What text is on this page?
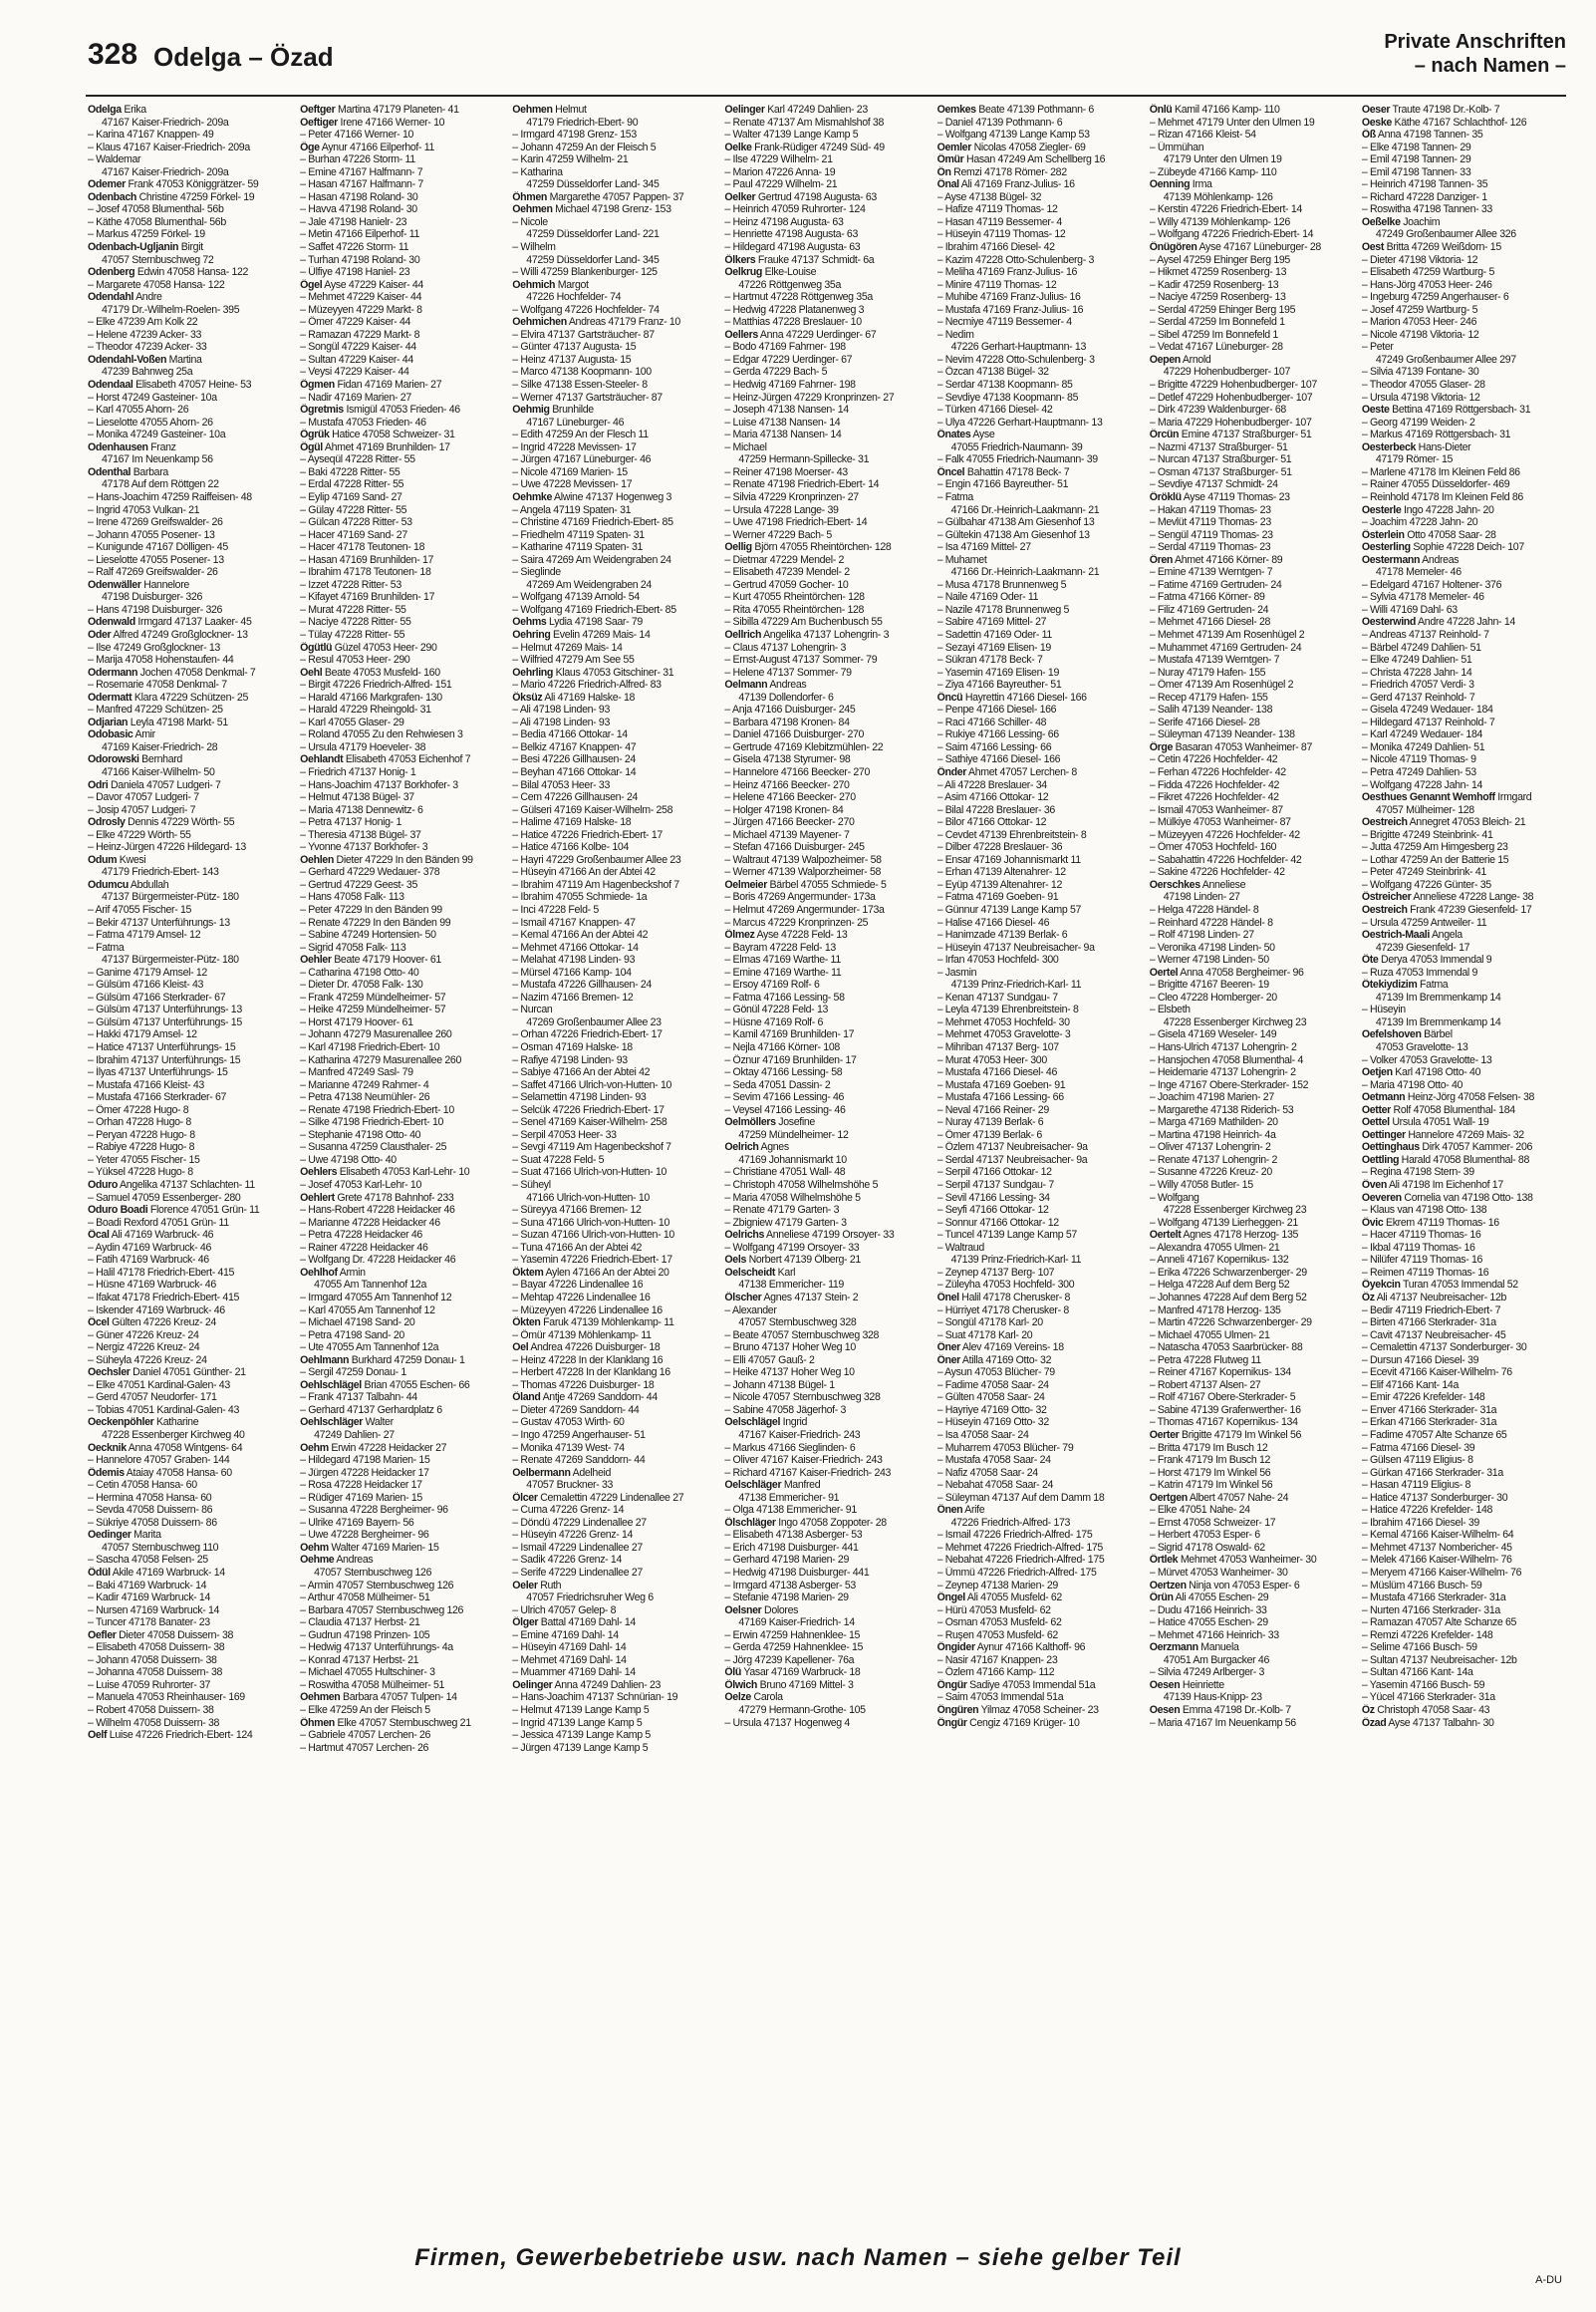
328 Odelga – Özad	Private Anschriften
– nach Namen –
Odelga Erika
47167 Kaiser-Friedrich- 209a
– Karina 47167 Knappen- 49
– Klaus 47167 Kaiser-Friedrich- 209a
– Waldemar
47167 Kaiser-Friedrich- 209a
Odemer Frank 47053 Königgrätzer- 59
Odenbach Christine 47259 Förkel- 19
– Josef 47058 Blumenthal- 56b
– Käthe 47058 Blumenthal- 56b
– Markus 47259 Förkel- 19
Odenbach-Ugljanin Birgit
47057 Sternbuschweg 72
Odenberg Edwin 47058 Hansa- 122
– Margarete 47058 Hansa- 122
Odendahl Andre
47179 Dr.-Wilhelm-Roelen- 395
– Elke 47239 Am Kolk 22
– Helene 47239 Acker- 33
– Theodor 47239 Acker- 33
Odendahl-Voßen Martina
47239 Bahnweg 25a
Odendaal Elisabeth 47057 Heine- 53
– Horst 47249 Gasteiner- 10a
– Karl 47055 Ahorn- 26
– Lieselotte 47055 Ahorn- 26
– Monika 47249 Gasteiner- 10a
Odenhausen Franz
47167 Im Neuenkamp 56
Odenthal Barbara
47178 Auf dem Röttgen 22
– Hans-Joachim 47259 Raiffeisen- 48
– Ingrid 47053 Vulkan- 21
– Irene 47269 Greifswalder- 26
– Johann 47055 Posener- 13
– Kunigunde 47167 Dölligen- 45
– Lieselotte 47055 Posener- 13
– Ralf 47269 Greifswalder- 26
Odenwäller Hannelore
47198 Duisburger- 326
– Hans 47198 Duisburger- 326
Odenwald Irmgard 47137 Laaker- 45
Oder Alfred 47249 Großglockner- 13
– Ilse 47249 Großglockner- 13
– Marija 47058 Hohenstaufen- 44
Odermann Jochen 47058 Denkmal- 7
– Rosemarie 47058 Denkmal- 7
Odermatt Klara 47229 Schützen- 25
– Manfred 47229 Schützen- 25
Odjarian Leyla 47198 Markt- 51
Odobasic Amir
47169 Kaiser-Friedrich- 28
Odorowski Bernhard
47166 Kaiser-Wilhelm- 50
Odri Daniela 47057 Ludgeri- 7
– Davor 47057 Ludgeri- 7
– Josip 47057 Ludgeri- 7
Odrosly Dennis 47229 Wörth- 55
– Elke 47229 Wörth- 55
– Heinz-Jürgen 47226 Hildegard- 13
Odum Kwesi
47179 Friedrich-Ebert- 143
Odumcu Abdullah
47137 Bürgermeister-Pütz- 180
– Arif 47055 Fischer- 15
– Bekir 47137 Unterführungs- 13
– Fatma 47179 Amsel- 12
– Fatma
47137 Bürgermeister-Pütz- 180
– Ganime 47179 Amsel- 12
– Gülsüm 47166 Kleist- 43
– Gülsüm 47166 Sterkrader- 67
– Gülsüm 47137 Unterführungs- 13
– Gülsüm 47137 Unterführungs- 15
– Hakki 47179 Amsel- 12
– Hatice 47137 Unterführungs- 15
– Ibrahim 47137 Unterführungs- 15
– İlyas 47137 Unterführungs- 15
– Mustafa 47166 Kleist- 43
– Mustafa 47166 Sterkrader- 67
– Ömer 47228 Hugo- 8
– Orhan 47228 Hugo- 8
– Peryan 47228 Hugo- 8
– Rabiye 47228 Hugo- 8
– Yeter 47055 Fischer- 15
– Yüksel 47228 Hugo- 8
Oduro Angelika 47137 Schlachten- 11
– Samuel 47059 Essenberger- 280
Oduro Boadi Florence 47051 Grün- 11
– Boadi Rexford 47051 Grün- 11
Öcal Ali 47169 Warbruck- 46
– Aydin 47169 Warbruck- 46
– Fatih 47169 Warbruck- 46
– Halil 47178 Friedrich-Ebert- 415
– Hüsne 47169 Warbruck- 46
– Ifakat 47178 Friedrich-Ebert- 415
– Iskender 47169 Warbruck- 46
Öcel Gülten 47226 Kreuz- 24
– Güner 47226 Kreuz- 24
– Nergiz 47226 Kreuz- 24
– Süheyla 47226 Kreuz- 24
Oechsler Daniel 47051 Günther- 21
– Elke 47051 Kardinal-Galen- 43
– Gerd 47057 Neudorfer- 171
– Tobias 47051 Kardinal-Galen- 43
Oeckenpöhler Katharine
47228 Essenberger Kirchweg 40
Oecknik Anna 47058 Wintgens- 64
– Hannelore 47057 Graben- 144
Ödemis Ataiay 47058 Hansa- 60
– Cetin 47058 Hansa- 60
– Hermina 47058 Hansa- 60
– Sevda 47058 Duissern- 86
– Sükriye 47058 Duissern- 86
Oedinger Marita
47057 Sternbuschweg 110
– Sascha 47058 Felsen- 25
Ödül Akile 47169 Warbruck- 14
– Baki 47169 Warbruck- 14
– Kadir 47169 Warbruck- 14
– Nursen 47169 Warbruck- 14
– Tuncer 47178 Banater- 23
Oefler Dieter 47058 Duissern- 38
– Elisabeth 47058 Duissern- 38
– Johann 47058 Duissern- 38
– Johanna 47058 Duissern- 38
– Luise 47059 Ruhrorter- 37
– Manuela 47053 Rheinhauser- 169
– Robert 47058 Duissern- 38
– Wilhelm 47058 Duissern- 38
Oelf Luise 47226 Friedrich-Ebert- 124
Oeftger Martina 47179 Planeten- 41
Oeftiger Irene 47166 Werner- 10
– Peter 47166 Werner- 10
Öge Aynur 47166 Eilperhof- 11
– Burhan 47226 Storm- 11
– Emine 47167 Halfmann- 7
– Hasan 47167 Halfmann- 7
– Hasan 47198 Roland- 30
– Havva 47198 Roland- 30
– Jale 47198 Hanielr- 23
– Metin 47166 Eilperhof- 11
– Saffet 47226 Storm- 11
– Turhan 47198 Roland- 30
– Ülfiye 47198 Haniel- 23
Ögel Ayse 47229 Kaiser- 44
– Mehmet 47229 Kaiser- 44
– Müzeyyen 47229 Markt- 8
– Ömer 47229 Kaiser- 44
– Ramazan 47229 Markt- 8
– Songül 47229 Kaiser- 44
– Sultan 47229 Kaiser- 44
– Veysi 47229 Kaiser- 44
Ögmen Fidan 47169 Marien- 27
– Nadir 47169 Marien- 27
Ögretmis Ismigül 47053 Frieden- 46
– Mustafa 47053 Frieden- 46
Ögrük Hatice 47058 Schweizer- 31
Ögül Ahmet 47169 Brunhilden- 17
– Ayseqül 47228 Ritter- 55
– Baki 47228 Ritter- 55
– Erdal 47228 Ritter- 55
– Eylip 47169 Sand- 27
– Gülay 47228 Ritter- 55
– Gülcan 47228 Ritter- 53
– Hacer 47169 Sand- 27
– Hacer 47178 Teutonen- 18
– Hasan 47169 Brunhilden- 17
– Ibrahim 47178 Teutonen- 18
– Izzet 47228 Ritter- 53
– Kifayet 47169 Brunhilden- 17
– Murat 47228 Ritter- 55
– Naciye 47228 Ritter- 55
– Tülay 47228 Ritter- 55
Ögütlü Güzel 47053 Heer- 290
– Resul 47053 Heer- 290
Oehl Beate 47053 Musfeld- 160
– Birgit 47226 Friedrich-Alfred- 151
– Harald 47166 Markgrafen- 130
– Harald 47229 Rheingold- 31
– Karl 47055 Glaser- 29
– Roland 47055 Zu den Rehwiesen 3
– Ursula 47179 Hoeveler- 38
Oehlandt Elisabeth 47053 Eichenhof 7
– Friedrich 47137 Honig- 1
– Hans-Joachim 47137 Borkhofer- 3
– Helmut 47138 Bügel- 37
– Maria 47138 Dennewitz- 6
– Petra 47137 Honig- 1
– Theresia 47138 Bügel- 37
– Yvonne 47137 Borkhofer- 3
Oehlen Dieter 47229 In den Bänden 99
– Gerhard 47229 Wedauer- 378
– Gertrud 47229 Geest- 35
– Hans 47058 Falk- 113
– Peter 47229 In den Bänden 99
– Renate 47229 In den Bänden 99
– Sabine 47249 Hortensien- 50
– Sigrid 47058 Falk- 113
Oehler Beate 47179 Hoover- 61
– Catharina 47198 Otto- 40
– Dieter Dr. 47058 Falk- 130
– Frank 47259 Mündelheimer- 57
– Heike 47259 Mündelheimer- 57
– Horst 47179 Hoover- 61
– Johann 47279 Masurenallee 260
– Karl 47198 Friedrich-Ebert- 10
– Katharina 47279 Masurenallee 260
– Manfred 47249 Sasl- 79
– Marianne 47249 Rahmer- 4
– Petra 47138 Neumühler- 26
– Renate 47198 Friedrich-Ebert- 10
– Silke 47198 Friedrich-Ebert- 10
– Stephanie 47198 Otto- 40
– Susanna 47259 Clausthaler- 25
– Uwe 47198 Otto- 40
Oehlers Elisabeth 47053 Karl-Lehr- 10
– Josef 47053 Karl-Lehr- 10
Oehlert Grete 47178 Bahnhof- 233
– Hans-Robert 47228 Heidacker 46
– Marianne 47228 Heidacker 46
– Petra 47228 Heidacker 46
– Rainer 47228 Heidacker 46
– Wolfgang Dr. 47228 Heidacker 46
Oehlhof Armin
47055 Am Tannenhof 12a
– Irmgard 47055 Am Tannenhof 12
– Karl 47055 Am Tannenhof 12
– Michael 47198 Sand- 20
– Petra 47198 Sand- 20
– Ute 47055 Am Tannenhof 12a
Oehlmann Burkhard 47259 Donau- 1
– Sergil 47259 Donau- 1
Oehlschlägel Brian 47055 Eschen- 66
– Frank 47137 Talbahn- 44
– Gerhard 47137 Gerhardplatz 6
Oehlschläger Walter
47249 Dahlien- 27
Oehm Erwin 47228 Heidacker 27
– Hildegard 47198 Marien- 15
– Jürgen 47228 Heidacker 17
– Rosa 47228 Heidacker 17
– Rüdiger 47169 Marien- 15
– Susanna 47228 Bergheimer- 96
– Ulrike 47169 Bayern- 56
– Uwe 47228 Bergheimer- 96
Oehm Walter 47169 Marien- 15
Oehme Andreas
47057 Sternbuschweg 126
– Armin 47057 Sternbuschweg 126
– Arthur 47058 Mülheimer- 51
– Barbara 47057 Sternbuschweg 126
– Claudia 47137 Herbst- 21
– Gudrun 47198 Prinzen- 105
– Hedwig 47137 Unterführungs- 4a
– Konrad 47137 Herbst- 21
– Michael 47055 Hultschiner- 3
– Roswitha 47058 Mülheimer- 51
Oehmen Barbara 47057 Tulpen- 14
– Elke 47259 An der Fleisch 5
Öhmen Elke 47057 Sternbuschweg 21
– Gabriele 47057 Lerchen- 26
– Hartmut 47057 Lerchen- 26
Oehmen Helmut
47179 Friedrich-Ebert- 90
– Irmgard 47198 Grenz- 153
– Johann 47259 An der Fleisch 5
– Karin 47259 Wilhelm- 21
– Katharina
47259 Düsseldorfer Land- 345
Öhmen Margarethe 47057 Pappen- 37
Oehmen Michael 47198 Grenz- 153
– Nicole
47259 Düsseldorfer Land- 221
– Wilhelm
47259 Düsseldorfer Land- 345
– Willi 47259 Blankenburger- 125
Oehmich Margot
47226 Hochfelder- 74
– Wolfgang 47226 Hochfelder- 74
Oehmichen Andreas 47179 Franz- 10
– Elvira 47137 Gartsträucher- 87
– Günter 47137 Augusta- 15
– Heinz 47137 Augusta- 15
– Marco 47138 Koopmann- 100
– Silke 47138 Essen-Steeler- 8
– Werner 47137 Gartsträucher- 87
Oehmig Brunhilde
47167 Lüneburger- 46
– Edith 47259 An der Flesch 11
– Ingrid 47228 Mevissen- 17
– Jürgen 47167 Lüneburger- 46
– Nicole 47169 Marien- 15
– Uwe 47228 Mevissen- 17
Oehmke Alwine 47137 Hogenweg 3
– Angela 47119 Spaten- 31
– Christine 47169 Friedrich-Ebert- 85
– Friedhelm 47119 Spaten- 31
– Katharine 47119 Spaten- 31
– Saira 47269 Am Weidengraben 24
– Sieglinde
47269 Am Weidengraben 24
– Wolfgang 47139 Arnold- 54
– Wolfgang 47169 Friedrich-Ebert- 85
Oehms Lydia 47198 Saar- 79
Oehring Evelin 47269 Mais- 14
– Helmut 47269 Mais- 14
– Wilfried 47279 Am See 55
Oehrling Klaus 47053 Gitschiner- 31
– Mario 47226 Friedrich-Alfred- 83
Öksüz Ali 47169 Halske- 18
– Ali 47198 Linden- 93
– Ali 47198 Linden- 93
– Bedia 47166 Ottokar- 14
– Belkiz 47167 Knappen- 47
– Besi 47226 Gillhausen- 24
– Beyhan 47166 Ottokar- 14
– Bilal 47053 Heer- 33
– Cem 47226 Gillhausen- 24
– Gülseri 47169 Kaiser-Wilhelm- 258
– Halime 47169 Halske- 18
– Hatice 47226 Friedrich-Ebert- 17
– Hatice 47166 Kolbe- 104
– Hayri 47229 Großenbaumer Allee 23
– Hüseyin 47166 An der Abtei 42
– Ibrahim 47119 Am Hagenbeckshof 7
– Ibrahim 47055 Schmiede- 1a
– Inci 47228 Feld- 5
– Ismail 47167 Knappen- 47
– Kemal 47166 An der Abtei 42
– Mehmet 47166 Ottokar- 14
– Melahat 47198 Linden- 93
– Mürsel 47166 Kamp- 104
– Mustafa 47226 Gillhausen- 24
– Nazim 47166 Bremen- 12
– Nurcan
47269 Großenbaumer Allee 23
– Orhan 47226 Friedrich-Ebert- 17
– Osman 47169 Halske- 18
– Rafiye 47198 Linden- 93
– Sabiye 47166 An der Abtei 42
– Saffet 47166 Ulrich-von-Hutten- 10
– Selamettin 47198 Linden- 93
– Selcük 47226 Friedrich-Ebert- 17
– Senel 47169 Kaiser-Wilhelm- 258
– Serpil 47053 Heer- 33
– Sevgi 47119 Am Hagenbeckshof 7
– Suat 47228 Feld- 5
– Suat 47166 Ulrich-von-Hutten- 10
– Süheyl
47166 Ulrich-von-Hutten- 10
– Süreyya 47166 Bremen- 12
– Suna 47166 Ulrich-von-Hutten- 10
– Suzan 47166 Ulrich-von-Hutten- 10
– Tuna 47166 An der Abtei 42
– Yasemin 47226 Friedrich-Ebert- 17
Öktem Aylen 47166 An der Abtei 20
– Bayar 47226 Lindenallee 16
– Mehtap 47226 Lindenallee 16
– Müzeyyen 47226 Lindenallee 16
Ökten Faruk 47139 Möhlenkamp- 11
– Ömür 47139 Möhlenkamp- 11
Oel Andrea 47226 Duisburger- 18
– Heinz 47228 In der Klanklang 16
– Herbert 47228 In der Klanklang 16
– Thomas 47226 Duisburger- 18
Öland Antje 47269 Sanddorn- 44
– Dieter 47269 Sanddorn- 44
– Gustav 47053 Wirth- 60
– Ingo 47259 Angerhauser- 51
– Monika 47139 West- 74
– Renate 47269 Sanddorn- 44
Oelbermann Adelheid
47057 Bruckner- 33
Ölcer Cemalettin 47229 Lindenallee 27
– Cuma 47226 Grenz- 14
– Döndü 47229 Lindenallee 27
– Hüseyin 47226 Grenz- 14
– Ismail 47229 Lindenallee 27
– Sadik 47226 Grenz- 14
– Serife 47229 Lindenallee 27
Oeler Ruth
47057 Friedrichsruher Weg 6
– Ulrich 47057 Gelep- 8
Ölger Battal 47169 Dahl- 14
– Emine 47169 Dahl- 14
– Hüseyin 47169 Dahl- 14
– Mehmet 47169 Dahl- 14
– Muammer 47169 Dahl- 14
Oelinger Anna 47249 Dahlien- 23
– Hans-Joachim 47137 Schnürian- 19
– Helmut 47139 Lange Kamp 5
– Ingrid 47139 Lange Kamp 5
– Jessica 47139 Lange Kamp 5
– Jürgen 47139 Lange Kamp 5
Oelinger Karl 47249 Dahlien- 23
– Renate 47137 Am Mismahlshof 38
– Walter 47139 Lange Kamp 5
Oelke Frank-Rüdiger 47249 Süd- 49
– Ilse 47229 Wilhelm- 21
– Marion 47226 Anna- 19
– Paul 47229 Wilhelm- 21
Oelker Gertrud 47198 Augusta- 63
– Heinrich 47059 Ruhrorter- 124
– Heinz 47198 Augusta- 63
– Henriette 47198 Augusta- 63
– Hildegard 47198 Augusta- 63
Ölkers Frauke 47137 Schmidt- 6a
Oelkrug Elke-Louise
47226 Röttgenweg 35a
– Hartmut 47228 Röttgenweg 35a
– Hedwig 47228 Platanenweg 3
– Matthias 47228 Breslauer- 10
Oellers Anna 47229 Uerdinger- 67
– Bodo 47169 Fahrner- 198
– Edgar 47229 Uerdinger- 67
– Gerda 47229 Bach- 5
– Hedwig 47169 Fahrner- 198
– Heinz-Jürgen 47229 Kronprinzen- 27
– Joseph 47138 Nansen- 14
– Luise 47138 Nansen- 14
– Maria 47138 Nansen- 14
– Michael
47259 Hermann-Spillecke- 31
– Reiner 47198 Moerser- 43
– Renate 47198 Friedrich-Ebert- 14
– Silvia 47229 Kronprinzen- 27
– Ursula 47228 Lange- 39
– Uwe 47198 Friedrich-Ebert- 14
– Werner 47229 Bach- 5
Oellig Björn 47055 Rheintörchen- 128
– Dietmar 47229 Mendel- 2
– Elisabeth 47239 Mendel- 2
– Gertrud 47059 Gocher- 10
– Kurt 47055 Rheintörchen- 128
– Rita 47055 Rheintörchen- 128
– Sibilla 47229 Am Buchenbusch 55
Oellrich Angelika 47137 Lohengrin- 3
– Claus 47137 Lohengrin- 3
– Ernst-August 47137 Sommer- 79
– Helene 47137 Sommer- 79
Oelmann Andreas
47139 Dollendorfer- 6
– Anja 47166 Duisburger- 245
– Barbara 47198 Kronen- 84
– Daniel 47166 Duisburger- 270
– Gertrude 47169 Klebitzmühlen- 22
– Gisela 47138 Styrumer- 98
– Hannelore 47166 Beecker- 270
– Heinz 47166 Beecker- 270
– Helene 47166 Beecker- 270
– Holger 47198 Kronen- 84
– Jürgen 47166 Beecker- 270
– Michael 47139 Mayener- 7
– Stefan 47166 Duisburger- 245
– Waltraut 47139 Walpozheimer- 58
– Werner 47139 Walporzheimer- 58
Oelmeier Bärbel 47055 Schmiede- 5
– Boris 47269 Angermunder- 173a
– Helmut 47269 Angermunder- 173a
– Marcus 47229 Kronprinzen- 25
Ölmez Ayse 47228 Feld- 13
– Bayram 47228 Feld- 13
– Elmas 47169 Warthe- 11
– Emine 47169 Warthe- 11
– Ersoy 47169 Rolf- 6
– Fatma 47166 Lessing- 58
– Gönül 47228 Feld- 13
– Hüsne 47169 Rolf- 6
– Kamil 47169 Brunhilden- 17
– Nejla 47166 Körner- 108
– Öznur 47169 Brunhilden- 17
– Oktay 47166 Lessing- 58
– Seda 47051 Dassin- 2
– Sevim 47166 Lessing- 46
– Veysel 47166 Lessing- 46
Oelmöllers Josefine
47259 Mündelheimer- 12
Oelrich Agnes
47169 Johannismarkt 10
– Christiane 47051 Wall- 48
– Christoph 47058 Wilhelmshöhe 5
– Maria 47058 Wilhelmshöhe 5
– Renate 47179 Garten- 3
– Zbigniew 47179 Garten- 3
Oelrichs Anneliese 47199 Orsoyer- 33
– Wolfgang 47199 Orsoyer- 33
Oels Norbert 47139 Ölberg- 21
Oelscheidt Karl
47138 Emmericher- 119
Ölscher Agnes 47137 Stein- 2
– Alexander
47057 Sternbuschweg 328
– Beate 47057 Sternbuschweg 328
– Bruno 47137 Hoher Weg 10
– Elli 47057 Gauß- 2
– Heike 47137 Hoher Weg 10
– Johann 47138 Bügel- 1
– Nicole 47057 Sternbuschweg 328
– Sabine 47058 Jägerhof- 3
Oelschlägel Ingrid
47167 Kaiser-Friedrich- 243
– Markus 47166 Sieglinden- 6
– Oliver 47167 Kaiser-Friedrich- 243
– Richard 47167 Kaiser-Friedrich- 243
Oelschläger Manfred
47138 Emmericher- 91
– Olga 47138 Emmericher- 91
Ölschläger Ingo 47058 Zoppoter- 28
– Elisabeth 47138 Asberger- 53
– Erich 47198 Duisburger- 441
– Gerhard 47198 Marien- 29
– Hedwig 47198 Duisburger- 441
– Irmgard 47138 Asberger- 53
– Stefanie 47198 Marien- 29
Oelsner Dolores
47169 Kaiser-Friedrich- 14
– Erwin 47259 Hahnenklee- 15
– Gerda 47259 Hahnenklee- 15
– Jörg 47239 Kapellener- 76a
Ölü Yasar 47169 Warbruck- 18
Ölwich Bruno 47169 Mittel- 3
Oelze Carola
47279 Hermann-Grothe- 105
– Ursula 47137 Hogenweg 4
Oemkes Beate 47139 Pothmann- 6
– Daniel 47139 Pothmann- 6
– Wolfgang 47139 Lange Kamp 53
Oemler Nicolas 47058 Ziegler- 69
Ömür Hasan 47249 Am Schellberg 16
Ön Remzi 47178 Römer- 282
Önal Ali 47169 Franz-Julius- 16
– Ayse 47138 Bügel- 32
– Hafize 47119 Thomas- 12
– Hasan 47119 Bessemer- 4
– Hüseyin 47119 Thomas- 12
– Ibrahim 47166 Diesel- 42
– Kazim 47228 Otto-Schulenberg- 3
– Meliha 47169 Franz-Julius- 16
– Minire 47119 Thomas- 12
– Muhibe 47169 Franz-Julius- 16
– Mustafa 47169 Franz-Julius- 16
– Necmiye 47119 Bessemer- 4
– Nedim
47226 Gerhart-Hauptmann- 13
– Nevim 47228 Otto-Schulenberg- 3
– Özcan 47138 Bügel- 32
– Serdar 47138 Koopmann- 85
– Sevdiye 47138 Koopmann- 85
– Türken 47166 Diesel- 42
– Ulya 47226 Gerhart-Hauptmann- 13
Önates Ayse
47055 Friedrich-Naumann- 39
– Falk 47055 Friedrich-Naumann- 39
Öncel Bahattin 47178 Beck- 7
– Engin 47166 Bayreuther- 51
– Fatma
47166 Dr.-Heinrich-Laakmann- 21
– Gülbahar 47138 Am Giesenhof 13
– Gültekin 47138 Am Giesenhof 13
– Isa 47169 Mittel- 27
– Muhamet
47166 Dr.-Heinrich-Laakmann- 21
– Musa 47178 Brunnenweg 5
– Naile 47169 Oder- 11
– Nazile 47178 Brunnenweg 5
– Sabire 47169 Mittel- 27
– Sadettin 47169 Oder- 11
– Sezayi 47169 Elisen- 19
– Sükran 47178 Beck- 7
– Yasemin 47169 Elisen- 19
– Ziya 47166 Bayreuther- 51
Öncü Hayrettin 47166 Diesel- 166
– Penpe 47166 Diesel- 166
– Raci 47166 Schiller- 48
– Rukiye 47166 Lessing- 66
– Saim 47166 Lessing- 66
– Sathiye 47166 Diesel- 166
Önder Ahmet 47057 Lerchen- 8
– Ali 47228 Breslauer- 34
– Asim 47166 Ottokar- 12
– Bilal 47228 Breslauer- 36
– Bilor 47166 Ottokar- 12
– Cevdet 47139 Ehrenbreitstein- 8
– Dilber 47228 Breslauer- 36
– Ensar 47169 Johannismarkt 11
– Erhan 47139 Altenahrer- 12
– Eyüp 47139 Altenahrer- 12
– Fatma 47169 Goeben- 91
– Günnur 47139 Lange Kamp 57
– Halise 47166 Diesel- 46
– Hanimzade 47139 Berlak- 6
– Hüseyin 47137 Neubreisacher- 9a
– Irfan 47053 Hochfeld- 300
– Jasmin
47139 Prinz-Friedrich-Karl- 11
– Kenan 47137 Sundgau- 7
– Leyla 47139 Ehrenbreitstein- 8
– Mehmet 47053 Hochfeld- 30
– Mehmet 47053 Gravelotte- 3
– Mihriban 47137 Berg- 107
– Murat 47053 Heer- 300
– Mustafa 47166 Diesel- 46
– Mustafa 47169 Goeben- 91
– Mustafa 47166 Lessing- 66
– Neval 47166 Reiner- 29
– Nuray 47139 Berlak- 6
– Ömer 47139 Berlak- 6
– Özlem 47137 Neubreisacher- 9a
– Serdal 47137 Neubreisacher- 9a
– Serpil 47166 Ottokar- 12
– Serpil 47137 Sundgau- 7
– Sevil 47166 Lessing- 34
– Seyfi 47166 Ottokar- 12
– Sonnur 47166 Ottokar- 12
– Tuncel 47139 Lange Kamp 57
– Waltraud
47139 Prinz-Friedrich-Karl- 11
– Zeynep 47137 Berg- 107
– Züleyha 47053 Hochfeld- 300
Önel Halil 47178 Cherusker- 8
– Hürriyet 47178 Cherusker- 8
– Songül 47178 Karl- 20
– Suat 47178 Karl- 20
Öner Alev 47169 Vereins- 18
Öner Atilla 47169 Otto- 32
– Aysun 47053 Blücher- 79
– Fadime 47058 Saar- 24
– Gülten 47058 Saar- 24
– Hayriye 47169 Otto- 32
– Hüseyin 47169 Otto- 32
– Isa 47058 Saar- 24
– Muharrem 47053 Blücher- 79
– Mustafa 47058 Saar- 24
– Nafiz 47058 Saar- 24
– Nebahat 47058 Saar- 24
– Süleyman 47137 Auf dem Damm 18
Önen Arife
47226 Friedrich-Alfred- 173
– Ismail 47226 Friedrich-Alfred- 175
– Mehmet 47226 Friedrich-Alfred- 175
– Nebahat 47226 Friedrich-Alfred- 175
– Ümmü 47226 Friedrich-Alfred- 175
– Zeynep 47138 Marien- 29
Öngel Ali 47055 Musfeld- 62
– Hürü 47053 Musfeld- 62
– Osman 47053 Musfeld- 62
– Ruşen 47053 Musfeld- 62
Öngider Aynur 47166 Kalthoff- 96
– Nasir 47167 Knappen- 23
– Özlem 47166 Kamp- 112
Öngür Sadiye 47053 Immendal 51a
– Saim 47053 Immendal 51a
Öngüren Yilmaz 47058 Scheiner- 23
Öngür Cengiz 47169 Krüger- 10
Önlü Kamil 47166 Kamp- 110
– Mehmet 47179 Unter den Ulmen 19
– Rizan 47166 Kleist- 54
– Ümmühan
47179 Unter den Ulmen 19
– Zübeyde 47166 Kamp- 110
Oenning Irma
47139 Möhlenkamp- 126
– Kerstin 47226 Friedrich-Ebert- 14
– Willy 47139 Möhlenkamp- 126
– Wolfgang 47226 Friedrich-Ebert- 14
Önügören Ayse 47167 Lüneburger- 28
– Aysel 47259 Ehinger Berg 195
– Hikmet 47259 Rosenberg- 13
– Kadir 47259 Rosenberg- 13
– Naciye 47259 Rosenberg- 13
– Serdal 47259 Ehinger Berg 195
– Serdal 47259 Im Bonnefeld 1
– Sibel 47259 Im Bonnefeld 1
– Vedat 47167 Lüneburger- 28
Oepen Arnold
47229 Hohenbudberger- 107
– Brigitte 47229 Hohenbudberger- 107
– Detlef 47229 Hohenbudberger- 107
– Dirk 47239 Waldenburger- 68
– Maria 47229 Hohenbudberger- 107
Örcün Emine 47137 Straßburger- 51
– Nazmi 47137 Straßburger- 51
– Nurcan 47137 Straßburger- 51
– Osman 47137 Straßburger- 51
– Sevdiye 47137 Schmidt- 24
Öröklü Ayse 47119 Thomas- 23
– Hakan 47119 Thomas- 23
– Mevlüt 47119 Thomas- 23
– Sengül 47119 Thomas- 23
– Serdal 47119 Thomas- 23
Ören Ahmet 47166 Körner- 89
– Emine 47139 Werntgen- 7
– Fatime 47169 Gertruden- 24
– Fatma 47166 Körner- 89
– Filiz 47169 Gertruden- 24
– Mehmet 47166 Diesel- 28
– Mehmet 47139 Am Rosenhügel 2
– Muhammet 47169 Gertruden- 24
– Mustafa 47139 Werntgen- 7
– Nuray 47179 Hafen- 155
– Ömer 47139 Am Rosenhügel 2
– Recep 47179 Hafen- 155
– Salih 47139 Neander- 138
– Serife 47166 Diesel- 28
– Süleyman 47139 Neander- 138
Örge Basaran 47053 Wanheimer- 87
– Cetin 47226 Hochfelder- 42
– Ferhan 47226 Hochfelder- 42
– Fidda 47226 Hochfelder- 42
– Fikret 47226 Hochfelder- 42
– Ismail 47053 Wanheimer- 87
– Mülkiye 47053 Wanheimer- 87
– Müzeyyen 47226 Hochfelder- 42
– Ömer 47053 Hochfeld- 160
– Sabahattin 47226 Hochfelder- 42
– Sakine 47226 Hochfelder- 42
Oerschkes Anneliese
47198 Linden- 27
– Helga 47228 Händel- 8
– Reinhard 47228 Händel- 8
– Rolf 47198 Linden- 27
– Veronika 47198 Linden- 50
– Werner 47198 Linden- 50
Oertel Anna 47058 Bergheimer- 96
– Brigitte 47167 Beeren- 19
– Cleo 47228 Homberger- 20
– Elsbeth
47228 Essenberger Kirchweg 23
– Gisela 47169 Weseler- 149
– Hans-Ulrich 47137 Lohengrin- 2
– Hansjochen 47058 Blumenthal- 4
– Heidemarie 47137 Lohengrin- 2
– Inge 47167 Obere-Sterkrader- 152
– Joachim 47198 Marien- 27
– Margarethe 47138 Riderich- 53
– Marga 47169 Mathilden- 20
– Martina 47198 Heinrich- 4a
– Oliver 47137 Lohengrin- 2
– Renate 47137 Lohengrin- 2
– Susanne 47226 Kreuz- 20
– Willy 47058 Butler- 15
– Wolfgang
47228 Essenberger Kirchweg 23
– Wolfgang 47139 Lierheggen- 21
Oertelt Agnes 47178 Herzog- 135
– Alexandra 47055 Ulmen- 21
– Anneli 47167 Kopernikus- 132
– Erika 47226 Schwarzenberger- 29
– Helga 47228 Auf dem Berg 52
– Johannes 47228 Auf dem Berg 52
– Manfred 47178 Herzog- 135
– Martin 47226 Schwarzenberger- 29
– Michael 47055 Ulmen- 21
– Natascha 47053 Saarbrücker- 88
– Petra 47228 Flutweg 11
– Reiner 47167 Kopernikus- 134
– Robert 47137 Alsen- 27
– Rolf 47167 Obere-Sterkrader- 5
– Sabine 47139 Grafenwerther- 16
– Thomas 47167 Kopernikus- 134
Oerter Brigitte 47179 Im Winkel 56
– Britta 47179 Im Busch 12
– Frank 47179 Im Busch 12
– Horst 47179 Im Winkel 56
– Katrin 47179 Im Winkel 56
Oertgen Albert 47057 Nahe- 24
– Elke 47051 Nahe- 24
– Ernst 47058 Schweizer- 17
– Herbert 47053 Esper- 6
– Sigrid 47178 Oswald- 62
Örtlek Mehmet 47053 Wanheimer- 30
– Mürvet 47053 Wanheimer- 30
Oertzen Ninja von 47053 Esper- 6
Örün Ali 47055 Eschen- 29
– Dudu 47166 Heinrich- 33
– Hatice 47055 Eschen- 29
– Mehmet 47166 Heinrich- 33
Oerzmann Manuela
47051 Am Burgacker 46
– Silvia 47249 Arlberger- 3
Oesen Heinriette
47139 Haus-Knipp- 23
Oesen Emma 47198 Dr.-Kolb- 7
– Maria 47167 Im Neuenkamp 56
Oeser Traute 47198 Dr.-Kolb- 7
Oeske Käthe 47167 Schlachthof- 126
Öß Anna 47198 Tannen- 35
– Elke 47198 Tannen- 29
– Emil 47198 Tannen- 29
– Emil 47198 Tannen- 33
– Heinrich 47198 Tannen- 35
– Richard 47228 Danziger- 1
– Roswitha 47198 Tannen- 33
Oeßelke Joachim
47249 Großenbaumer Allee 326
Oest Britta 47269 Weißdorn- 15
– Dieter 47198 Viktoria- 12
– Elisabeth 47259 Wartburg- 5
– Hans-Jörg 47053 Heer- 246
– Ingeburg 47259 Angerhauser- 6
– Josef 47259 Wartburg- 5
– Marion 47053 Heer- 246
– Nicole 47198 Viktoria- 12
– Peter
47249 Großenbaumer Allee 297
– Silvia 47139 Fontane- 30
– Theodor 47055 Glaser- 28
– Ursula 47198 Viktoria- 12
Oeste Bettina 47169 Röttgersbach- 31
– Georg 47199 Weiden- 2
– Markus 47169 Röttgersbach- 31
Oesterbeck Hans-Dieter
47179 Römer- 15
– Marlene 47178 Im Kleinen Feld 86
– Rainer 47055 Düsseldorfer- 469
– Reinhold 47178 Im Kleinen Feld 86
Oesterle Ingo 47228 Jahn- 20
– Joachim 47228 Jahn- 20
Österlein Otto 47058 Saar- 28
Oesterling Sophie 47228 Deich- 107
Oestermann Andreas
47178 Memeler- 46
– Edelgard 47167 Holtener- 376
– Sylvia 47178 Memeler- 46
– Willi 47169 Dahl- 63
Oesterwind Andre 47228 Jahn- 14
– Andreas 47137 Reinhold- 7
– Bärbel 47249 Dahlien- 51
– Elke 47249 Dahlien- 51
– Christa 47228 Jahn- 14
– Friedrich 47057 Verdi- 3
– Gerd 47137 Reinhold- 7
– Gisela 47249 Wedauer- 184
– Hildegard 47137 Reinhold- 7
– Karl 47249 Wedauer- 184
– Monika 47249 Dahlien- 51
– Nicole 47119 Thomas- 9
– Petra 47249 Dahlien- 53
– Wolfgang 47228 Jahn- 14
Oesthues Genannt Wemhoff Irmgard
47057 Mülheimer- 128
Oestreich Annegret 47053 Bleich- 21
– Brigitte 47249 Steinbrink- 41
– Jutta 47259 Am Himgesberg 23
– Lothar 47259 An der Batterie 15
– Peter 47249 Steinbrink- 41
– Wolfgang 47226 Günter- 35
Östreicher Anneliese 47228 Lange- 38
Oestreich Frank 47239 Giesenfeld- 17
– Ursula 47259 Antweiler- 11
Oestrich-Maali Angela
47239 Giesenfeld- 17
Öte Derya 47053 Immendal 9
– Ruza 47053 Immendal 9
Ötekiydizim Fatma
47139 Im Bremmenkamp 14
– Hüseyin
47139 Im Bremmenkamp 14
Oefelshoven Bärbel
47053 Gravelotte- 13
– Volker 47053 Gravelotte- 13
Oetjen Karl 47198 Otto- 40
– Maria 47198 Otto- 40
Oetmann Heinz-Jörg 47058 Felsen- 38
Oetter Rolf 47058 Blumenthal- 184
Oettel Ursula 47051 Wall- 19
Oettinger Hannelore 47269 Mais- 32
Oettinghaus Dirk 47057 Kammer- 206
Oettling Harald 47058 Blumenthal- 88
– Regina 47198 Stern- 39
Öven Ali 47198 Im Eichenhof 17
Oeveren Cornelia van 47198 Otto- 138
– Klaus van 47198 Otto- 138
Övic Ekrem 47119 Thomas- 16
– Hacer 47119 Thomas- 16
– Ikbal 47119 Thomas- 16
– Nilüfer 47119 Thomas- 16
– Reimen 47119 Thomas- 16
Öyekcin Turan 47053 Immendal 52
Öz Ali 47137 Neubreisacher- 12b
– Bedir 47119 Friedrich-Ebert- 7
– Birten 47166 Sterkrader- 31a
– Cavit 47137 Neubreisacher- 45
– Cemalettin 47137 Sonderburger- 30
– Dursun 47166 Diesel- 39
– Ecevit 47166 Kaiser-Wilhelm- 76
– Elif 47166 Kant- 14a
– Emir 47226 Krefelder- 148
– Enver 47166 Sterkrader- 31a
– Erkan 47166 Sterkrader- 31a
– Fadime 47057 Alte Schanze 65
– Fatma 47166 Diesel- 39
– Gülsen 47119 Eligius- 8
– Gürkan 47166 Sterkrader- 31a
– Hasan 47119 Eligius- 8
– Hatice 47137 Sonderburger- 30
– Hatice 47226 Krefelder- 148
– Ibrahim 47166 Diesel- 39
– Kemal 47166 Kaiser-Wilhelm- 64
– Mehmet 47137 Nombericher- 45
– Melek 47166 Kaiser-Wilhelm- 76
– Meryem 47166 Kaiser-Wilhelm- 76
– Müslüm 47166 Busch- 59
– Mustafa 47166 Sterkrader- 31a
– Nurten 47166 Sterkrader- 31a
– Ramazan 47057 Alte Schanze 65
– Remzi 47226 Krefelder- 148
– Selime 47166 Busch- 59
– Sultan 47137 Neubreisacher- 12b
– Sultan 47166 Kant- 14a
– Yasemin 47166 Busch- 59
– Yücel 47166 Sterkrader- 31a
Öz Christoph 47058 Saar- 43
Özad Ayse 47137 Talbahn- 30
Firmen, Gewerbebetriebe usw. nach Namen – siehe gelber Teil
A-DU
